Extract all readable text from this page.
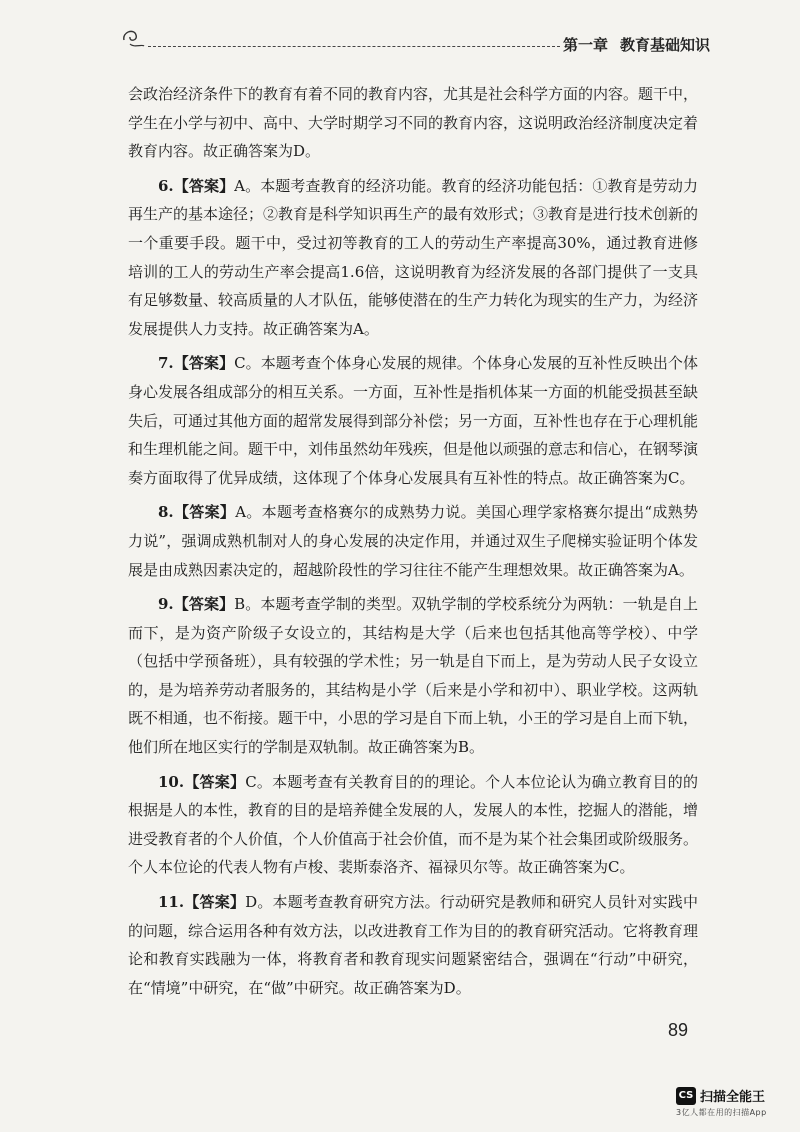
第一章 教育基础知识

会政治经济条件下的教育有着不同的教育内容，尤其是社会科学方面的内容。题干中，学生在小学与初中、高中、大学时期学习不同的教育内容，这说明政治经济制度决定着教育内容。故正确答案为D。

6.【答案】A。本题考查教育的经济功能。教育的经济功能包括：①教育是劳动力再生产的基本途径；②教育是科学知识再生产的最有效形式；③教育是进行技术创新的一个重要手段。题干中，受过初等教育的工人的劳动生产率提高30%，通过教育进修培训的工人的劳动生产率会提高1.6倍，这说明教育为经济发展的各部门提供了一支具有足够数量、较高质量的人才队伍，能够使潜在的生产力转化为现实的生产力，为经济发展提供人力支持。故正确答案为A。

7.【答案】C。本题考查个体身心发展的规律。个体身心发展的互补性反映出个体身心发展各组成部分的相互关系。一方面，互补性是指机体某一方面的机能受损甚至缺失后，可通过其他方面的超常发展得到部分补偿；另一方面，互补性也存在于心理机能和生理机能之间。题干中，刘伟虽然幼年残疾，但是他以顽强的意志和信心，在钢琴演奏方面取得了优异成绩，这体现了个体身心发展具有互补性的特点。故正确答案为C。

8.【答案】A。本题考查格赛尔的成熟势力说。美国心理学家格赛尔提出“成熟势力说”，强调成熟机制对人的身心发展的决定作用，并通过双生子爬梯实验证明个体发展是由成熟因素决定的，超越阶段性的学习往往不能产生理想效果。故正确答案为A。

9.【答案】B。本题考查学制的类型。双轨学制的学校系统分为两轨：一轨是自上而下，是为资产阶级子女设立的，其结构是大学（后来也包括其他高等学校）、中学（包括中学预备班），具有较强的学术性；另一轨是自下而上，是为劳动人民子女设立的，是为培养劳动者服务的，其结构是小学（后来是小学和初中）、职业学校。这两轨既不相通，也不衔接。题干中，小思的学习是自下而上轨，小王的学习是自上而下轨，他们所在地区实行的学制是双轨制。故正确答案为B。

10.【答案】C。本题考查有关教育目的的理论。个人本位论认为确立教育目的的根据是人的本性，教育的目的是培养健全发展的人，发展人的本性，挖掘人的潜能，增进受教育者的个人价值，个人价值高于社会价值，而不是为某个社会集团或阶级服务。个人本位论的代表人物有卢梭、裴斯泰洛齐、福禄贝尔等。故正确答案为C。

11.【答案】D。本题考查教育研究方法。行动研究是教师和研究人员针对实践中的问题，综合运用各种有效方法，以改进教育工作为目的的教育研究活动。它将教育理论和教育实践融为一体，将教育者和教育现实问题紧密结合，强调在“行动”中研究，在“情境”中研究，在“做”中研究。故正确答案为D。

89
CS 扫描全能王
3亿人都在用的扫描App
